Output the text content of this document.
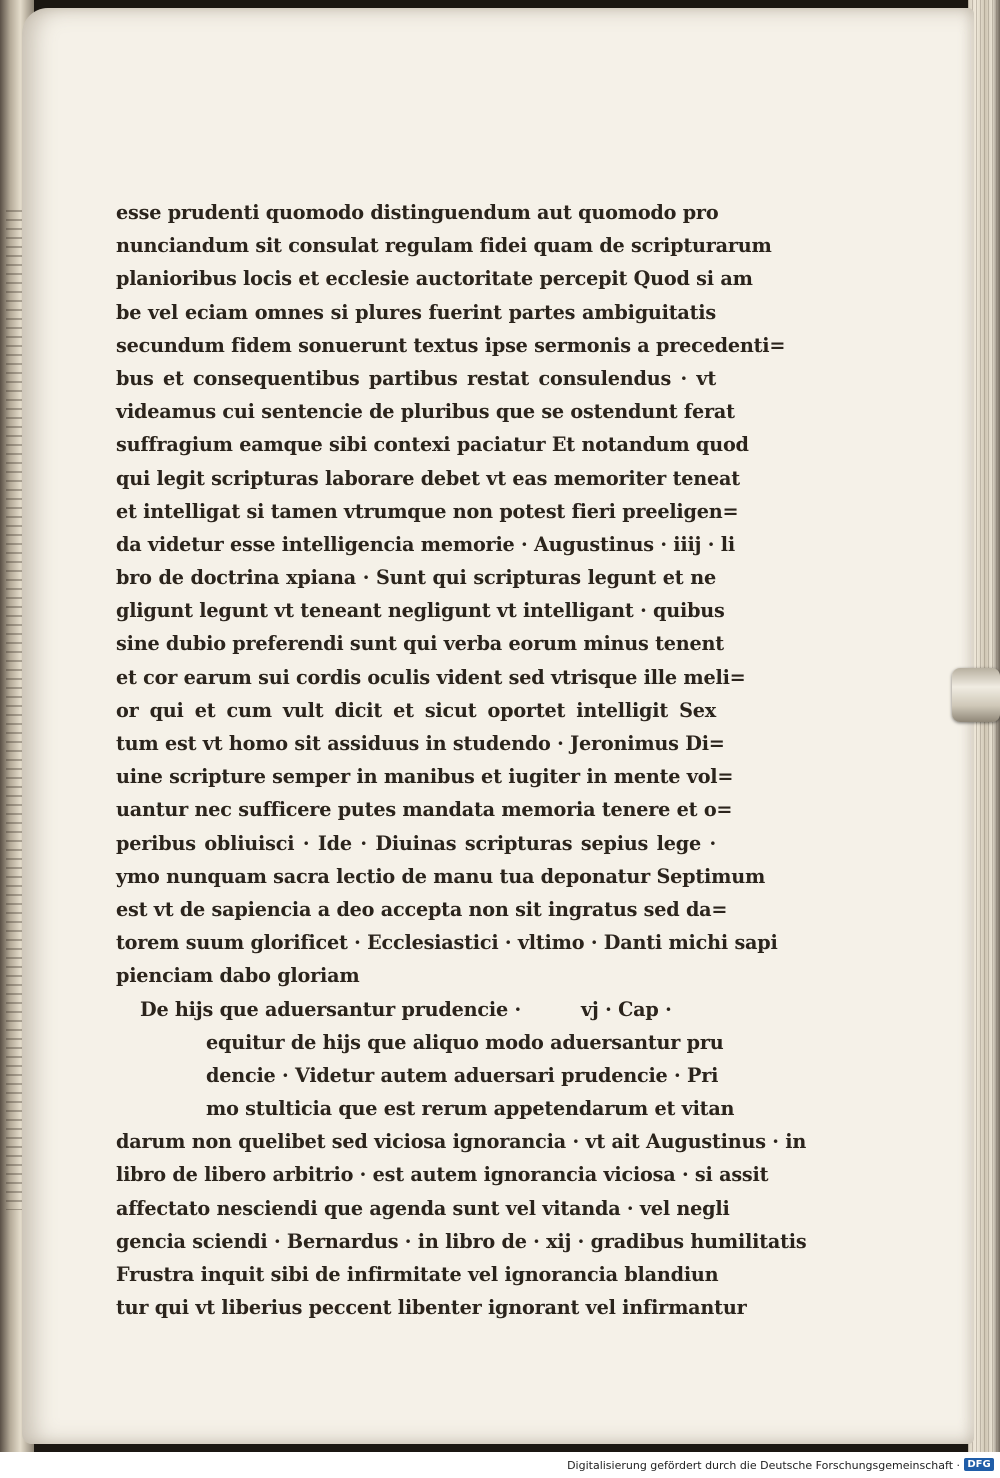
esse prudenti quomodo distinguendum aut quomodo pro
nunciandum sit consulat regulam fidei quam de scripturarum
planioribus locis et ecclesie auctoritate percepit Quod si am
be vel eciam omnes si plures fuerint partes ambiguitatis
secundum fidem sonuerunt textus ipse sermonis a precedenti=
bus et consequentibus partibus restat consulendus · vt
videamus cui sentencie de pluribus que se ostendunt ferat
suffragium eamque sibi contexi paciatur Et notandum quod
qui legit scripturas laborare debet vt eas memoriter teneat
et intelligat si tamen vtrumque non potest fieri preeligen=
da videtur esse intelligencia memorie · Augustinus · iiij · li
bro de doctrina xpiana · Sunt qui scripturas legunt et ne
gligunt legunt vt teneant negligunt vt intelligant · quibus
sine dubio preferendi sunt qui verba eorum minus tenent
et cor earum sui cordis oculis vident sed vtrisque ille meli=
or qui et cum vult dicit et sicut oportet intelligit Sex
tum est vt homo sit assiduus in studendo · Jeronimus Di=
uine scripture semper in manibus et iugiter in mente vol=
uantur nec sufficere putes mandata memoria tenere et o=
peribus obliuisci · Ide · Diuinas scripturas sepius lege ·
ymo nunquam sacra lectio de manu tua deponatur Septimum
est vt de sapiencia a deo accepta non sit ingratus sed da=
torem suum glorificet · Ecclesiastici · vltimo · Danti michi sapi
pienciam dabo gloriam
De hijs que aduersantur prudencie ·	vj · Cap ·
equitur de hijs que aliquo modo aduersantur pru
dencie · Videtur autem aduersari prudencie · Pri
mo stulticia que est rerum appetendarum et vitan
darum non quelibet sed viciosa ignorancia · vt ait Augustinus · in
libro de libero arbitrio · est autem ignorancia viciosa · si assit
affectato nesciendi que agenda sunt vel vitanda · vel negli
gencia sciendi · Bernardus · in libro de · xij · gradibus humilitatis
Frustra inquit sibi de infirmitate vel ignorancia blandiun
tur qui vt liberius peccent libenter ignorant vel infirmantur
Digitalisierung gefördert durch die Deutsche Forschungsgemeinschaft · DFG
